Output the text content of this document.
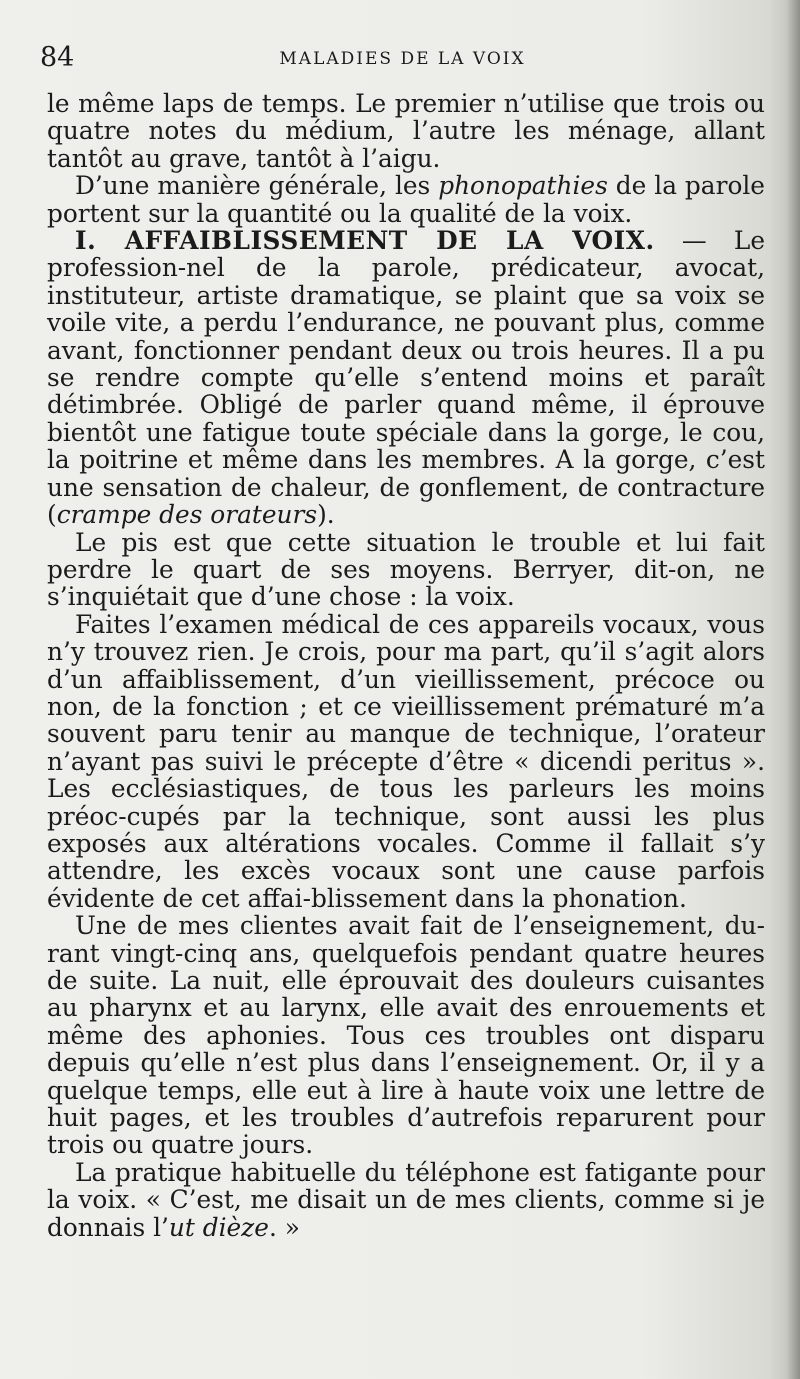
84	MALADIES DE LA VOIX

le même laps de temps. Le premier n’utilise que trois ou quatre notes du médium, l’autre les ménage, allant tantôt au grave, tantôt à l’aigu.

D’une manière générale, les phonopathies de la parole portent sur la quantité ou la qualité de la voix.

I. AFFAIBLISSEMENT DE LA VOIX. — Le profession-nel de la parole, prédicateur, avocat, instituteur, artiste dramatique, se plaint que sa voix se voile vite, a perdu l’endurance, ne pouvant plus, comme avant, fonctionner pendant deux ou trois heures. Il a pu se rendre compte qu’elle s’entend moins et paraît détimbrée. Obligé de parler quand même, il éprouve bientôt une fatigue toute spéciale dans la gorge, le cou, la poitrine et même dans les membres. A la gorge, c’est une sensation de chaleur, de gonflement, de contracture (crampe des orateurs).

Le pis est que cette situation le trouble et lui fait perdre le quart de ses moyens. Berryer, dit-on, ne s’inquiétait que d’une chose : la voix.

Faites l’examen médical de ces appareils vocaux, vous n’y trouvez rien. Je crois, pour ma part, qu’il s’agit alors d’un affaiblissement, d’un vieillissement, précoce ou non, de la fonction ; et ce vieillissement prématuré m’a souvent paru tenir au manque de technique, l’orateur n’ayant pas suivi le précepte d’être « dicendi peritus ». Les ecclésiastiques, de tous les parleurs les moins préoc-cupés par la technique, sont aussi les plus exposés aux altérations vocales. Comme il fallait s’y attendre, les excès vocaux sont une cause parfois évidente de cet affai-blissement dans la phonation.

Une de mes clientes avait fait de l’enseignement, du-rant vingt-cinq ans, quelquefois pendant quatre heures de suite. La nuit, elle éprouvait des douleurs cuisantes au pharynx et au larynx, elle avait des enrouements et même des aphonies. Tous ces troubles ont disparu depuis qu’elle n’est plus dans l’enseignement. Or, il y a quelque temps, elle eut à lire à haute voix une lettre de huit pages, et les troubles d’autrefois reparurent pour trois ou quatre jours.

La pratique habituelle du téléphone est fatigante pour la voix. « C’est, me disait un de mes clients, comme si je donnais l’ut dièze. »
